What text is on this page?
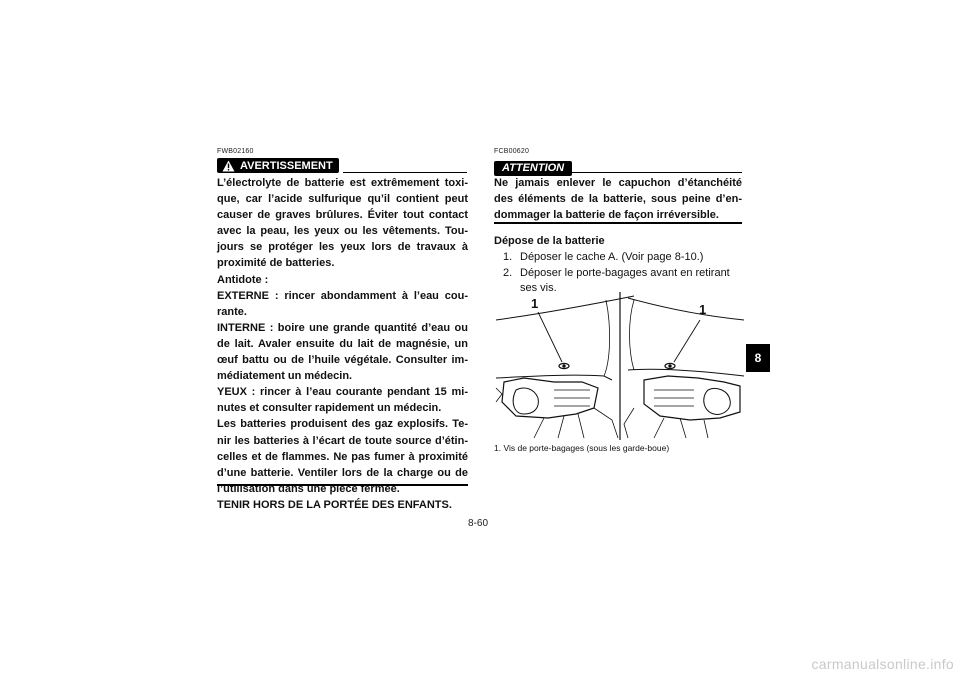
FWB02160
AVERTISSEMENT

L’électrolyte de batterie est extrêmement toxi-que, car l’acide sulfurique qu’il contient peut causer de graves brûlures. Éviter tout contact avec la peau, les yeux ou les vêtements. Tou-jours se protéger les yeux lors de travaux à proximité de batteries.

Antidote :

EXTERNE : rincer abondamment à l’eau cou-rante.

INTERNE : boire une grande quantité d’eau ou de lait. Avaler ensuite du lait de magnésie, un œuf battu ou de l’huile végétale. Consulter im-médiatement un médecin.

YEUX : rincer à l’eau courante pendant 15 mi-nutes et consulter rapidement un médecin.

Les batteries produisent des gaz explosifs. Te-nir les batteries à l’écart de toute source d’étin-celles et de flammes. Ne pas fumer à proximité d’une batterie. Ventiler lors de la charge ou de l’utilisation dans une pièce fermée.

TENIR HORS DE LA PORTÉE DES ENFANTS.

FCB00620
ATTENTION
Ne jamais enlever le capuchon d’étanchéité des éléments de la batterie, sous peine d’en-dommager la batterie de façon irréversible.
Dépose de la batterie
1. Déposer le cache A. (Voir page 8-10.)
2. Déposer le porte-bagages avant en retirant ses vis.
1	1
1. Vis de porte-bagages (sous les garde-boue)
8
8-60
carmanualsonline.info
